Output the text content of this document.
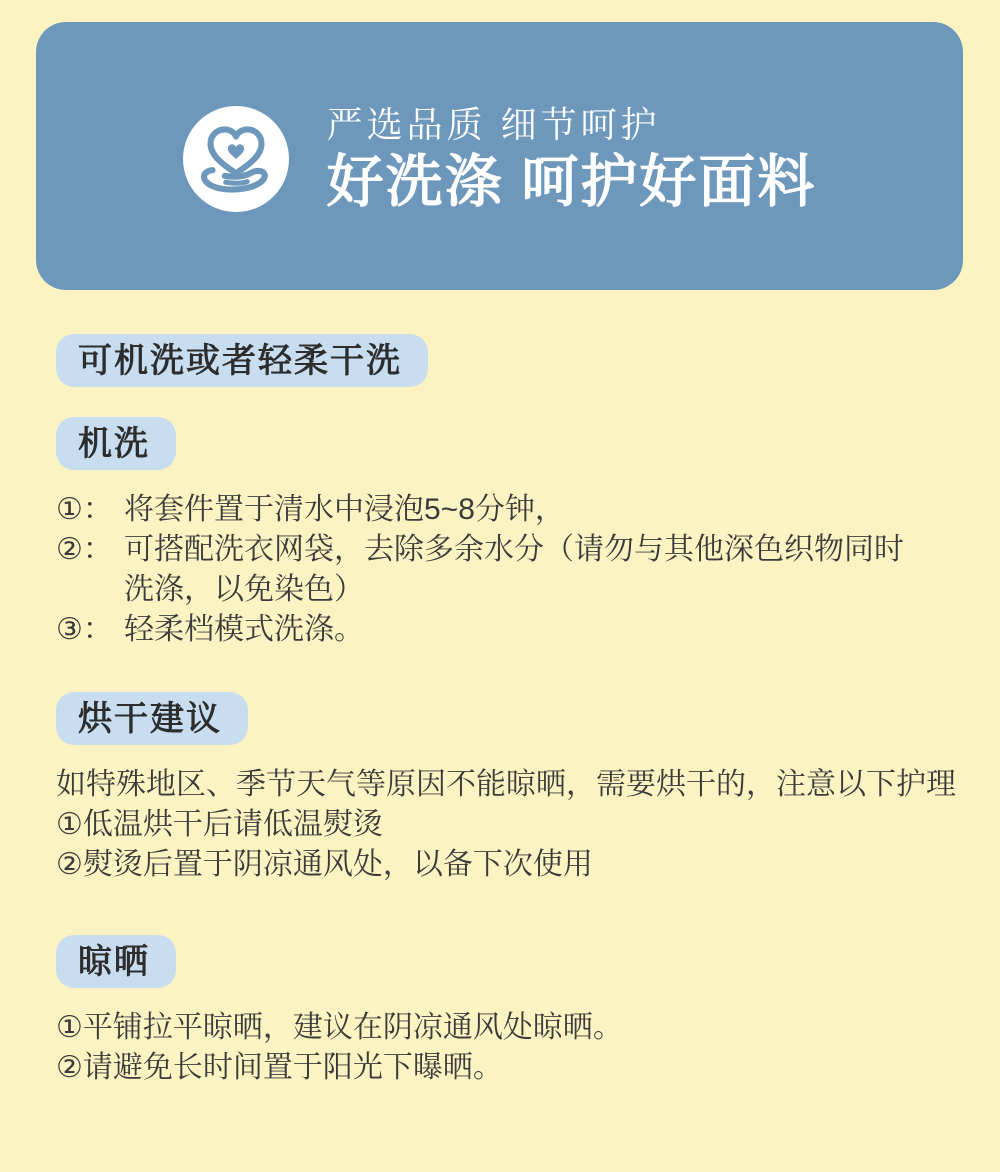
严选品质 细节呵护
好洗涤 呵护好面料
可机洗或者轻柔干洗
机洗
①： 将套件置于清水中浸泡5~8分钟，
②： 可搭配洗衣网袋，去除多余水分（请勿与其他深色织物同时洗涤，以免染色）
③： 轻柔档模式洗涤。
烘干建议

如特殊地区、季节天气等原因不能晾晒，需要烘干的，注意以下护理

①低温烘干后请低温熨烫

②熨烫后置于阴凉通风处，以备下次使用

晾晒

①平铺拉平晾晒，建议在阴凉通风处晾晒。

②请避免长时间置于阳光下曝晒。
